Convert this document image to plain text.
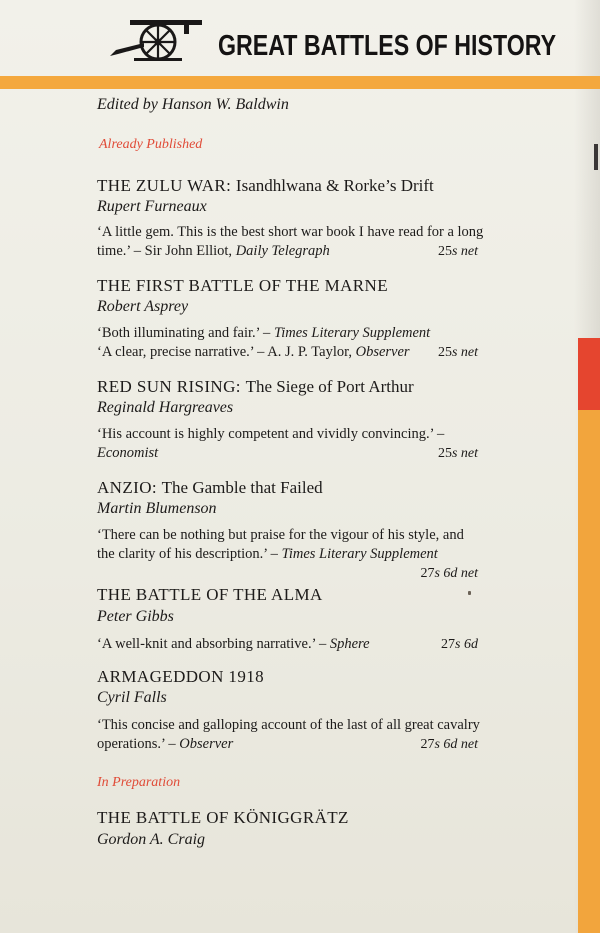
GREAT BATTLES OF HISTORY
Edited by Hanson W. Baldwin
Already Published
THE ZULU WAR: Isandhlwana & Rorke’s Drift
Rupert Furneaux
‘A little gem. This is the best short war book I have read for a long
time.’ – Sir John Elliot, Daily Telegraph	25s net
THE FIRST BATTLE OF THE MARNE
Robert Asprey
‘Both illuminating and fair.’ – Times Literary Supplement
‘A clear, precise narrative.’ – A. J. P. Taylor, Observer 25s net
RED SUN RISING: The Siege of Port Arthur
Reginald Hargreaves
‘His account is highly competent and vividly convincing.’ –
Economist	25s net
ANZIO: The Gamble that Failed
Martin Blumenson
‘There can be nothing but praise for the vigour of his style, and
the clarity of his description.’ – Times Literary Supplement
27s 6d net
THE BATTLE OF THE ALMA
Peter Gibbs
‘A well-knit and absorbing narrative.’ – Sphere	27s 6d
ARMAGEDDON 1918
Cyril Falls
‘This concise and galloping account of the last of all great cavalry
operations.’ – Observer	27s 6d net
In Preparation
THE BATTLE OF KÖNIGGRÄTZ
Gordon A. Craig
